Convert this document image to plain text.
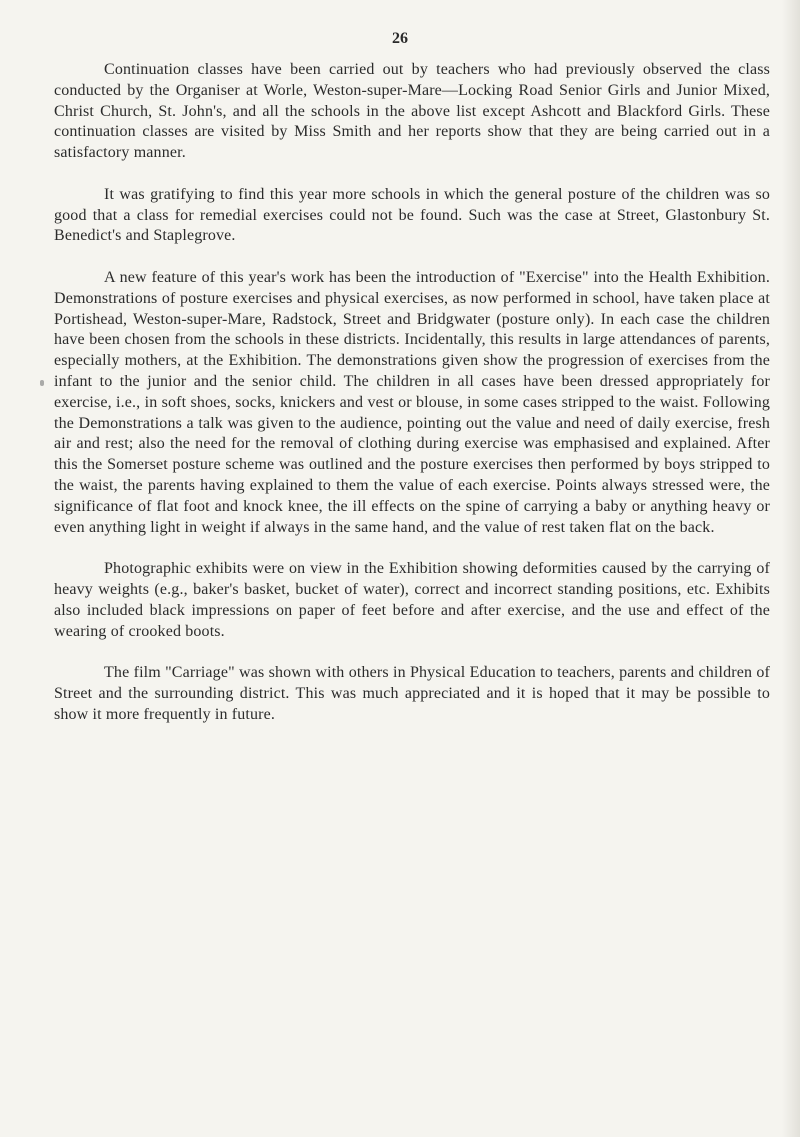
26

Continuation classes have been carried out by teachers who had previously observed the class conducted by the Organiser at Worle, Weston-super-Mare—Locking Road Senior Girls and Junior Mixed, Christ Church, St. John's, and all the schools in the above list except Ashcott and Blackford Girls. These continuation classes are visited by Miss Smith and her reports show that they are being carried out in a satisfactory manner.

It was gratifying to find this year more schools in which the general posture of the children was so good that a class for remedial exercises could not be found. Such was the case at Street, Glastonbury St. Benedict's and Staplegrove.

A new feature of this year's work has been the introduction of "Exercise" into the Health Exhibition. Demonstrations of posture exercises and physical exercises, as now performed in school, have taken place at Portishead, Weston-super-Mare, Radstock, Street and Bridgwater (posture only). In each case the children have been chosen from the schools in these districts. Incidentally, this results in large attendances of parents, especially mothers, at the Exhibition. The demonstrations given show the progression of exercises from the infant to the junior and the senior child. The children in all cases have been dressed appropriately for exercise, i.e., in soft shoes, socks, knickers and vest or blouse, in some cases stripped to the waist. Following the Demonstrations a talk was given to the audience, pointing out the value and need of daily exercise, fresh air and rest; also the need for the removal of clothing during exercise was emphasised and explained. After this the Somerset posture scheme was outlined and the posture exercises then performed by boys stripped to the waist, the parents having explained to them the value of each exercise. Points always stressed were, the significance of flat foot and knock knee, the ill effects on the spine of carrying a baby or anything heavy or even anything light in weight if always in the same hand, and the value of rest taken flat on the back.

Photographic exhibits were on view in the Exhibition showing deformities caused by the carrying of heavy weights (e.g., baker's basket, bucket of water), correct and incorrect standing positions, etc. Exhibits also included black impressions on paper of feet before and after exercise, and the use and effect of the wearing of crooked boots.

The film "Carriage" was shown with others in Physical Education to teachers, parents and children of Street and the surrounding district. This was much appreciated and it is hoped that it may be possible to show it more frequently in future.
